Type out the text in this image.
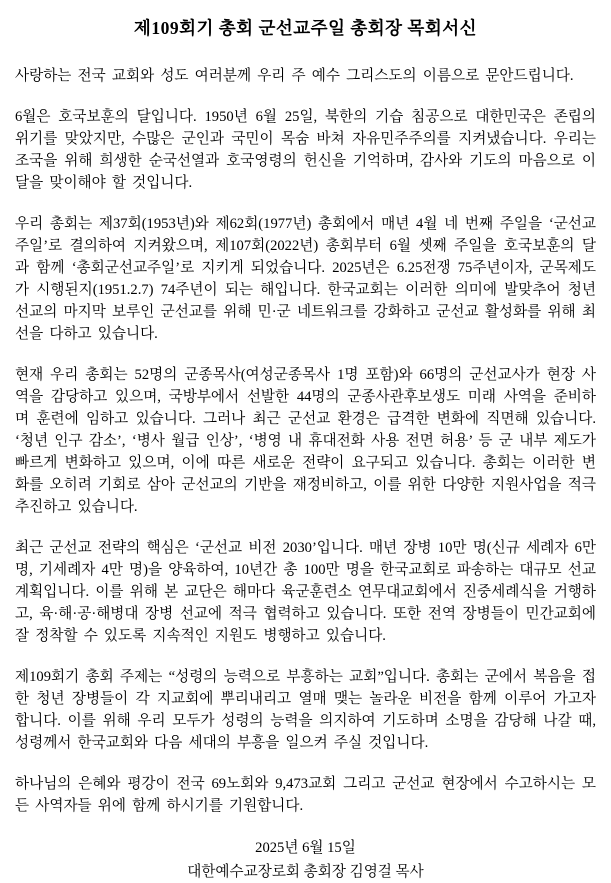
제109회기 총회 군선교주일 총회장 목회서신

사랑하는 전국 교회와 성도 여러분께 우리 주 예수 그리스도의 이름으로 문안드립니다.

6월은 호국보훈의 달입니다. 1950년 6월 25일, 북한의 기습 침공으로 대한민국은 존립의 위기를 맞았지만, 수많은 군인과 국민이 목숨 바쳐 자유민주주의를 지켜냈습니다. 우리는 조국을 위해 희생한 순국선열과 호국영령의 헌신을 기억하며, 감사와 기도의 마음으로 이 달을 맞이해야 할 것입니다.

우리 총회는 제37회(1953년)와 제62회(1977년) 총회에서 매년 4월 네 번째 주일을 ‘군선교주일’로 결의하여 지켜왔으며, 제107회(2022년) 총회부터 6월 셋째 주일을 호국보훈의 달과 함께 ‘총회군선교주일’로 지키게 되었습니다. 2025년은 6.25전쟁 75주년이자, 군목제도가 시행된지(1951.2.7) 74주년이 되는 해입니다. 한국교회는 이러한 의미에 발맞추어 청년선교의 마지막 보루인 군선교를 위해 민·군 네트워크를 강화하고 군선교 활성화를 위해 최선을 다하고 있습니다.

현재 우리 총회는 52명의 군종목사(여성군종목사 1명 포함)와 66명의 군선교사가 현장 사역을 감당하고 있으며, 국방부에서 선발한 44명의 군종사관후보생도 미래 사역을 준비하며 훈련에 임하고 있습니다. 그러나 최근 군선교 환경은 급격한 변화에 직면해 있습니다. ‘청년 인구 감소’, ‘병사 월급 인상’, ‘병영 내 휴대전화 사용 전면 허용’ 등 군 내부 제도가 빠르게 변화하고 있으며, 이에 따른 새로운 전략이 요구되고 있습니다. 총회는 이러한 변화를 오히려 기회로 삼아 군선교의 기반을 재정비하고, 이를 위한 다양한 지원사업을 적극 추진하고 있습니다.

최근 군선교 전략의 핵심은 ‘군선교 비전 2030’입니다. 매년 장병 10만 명(신규 세례자 6만 명, 기세례자 4만 명)을 양육하여, 10년간 총 100만 명을 한국교회로 파송하는 대규모 선교 계획입니다. 이를 위해 본 교단은 해마다 육군훈련소 연무대교회에서 진중세례식을 거행하고, 육·해·공·해병대 장병 선교에 적극 협력하고 있습니다. 또한 전역 장병들이 민간교회에 잘 정착할 수 있도록 지속적인 지원도 병행하고 있습니다.

제109회기 총회 주제는 “성령의 능력으로 부흥하는 교회”입니다. 총회는 군에서 복음을 접한 청년 장병들이 각 지교회에 뿌리내리고 열매 맺는 놀라운 비전을 함께 이루어 가고자 합니다. 이를 위해 우리 모두가 성령의 능력을 의지하여 기도하며 소명을 감당해 나갈 때, 성령께서 한국교회와 다음 세대의 부흥을 일으켜 주실 것입니다.

하나님의 은혜와 평강이 전국 69노회와 9,473교회 그리고 군선교 현장에서 수고하시는 모든 사역자들 위에 함께 하시기를 기원합니다.

2025년 6월 15일

대한예수교장로회 총회장 김영걸 목사
